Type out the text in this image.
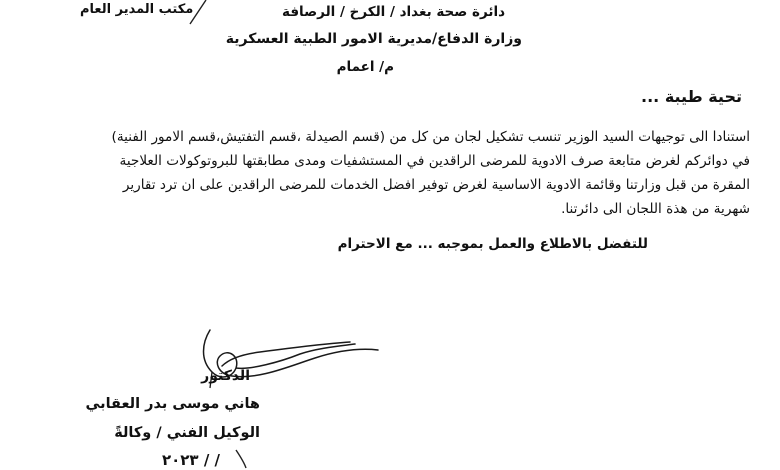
مكتب المدير العام	دائرة صحة بغداد / الكرخ / الرصافة
وزارة الدفاع/مديرية الامور الطبية العسكرية
م/ اعمام
تحية طيبة ...
استنادا الى توجيهات السيد الوزير تنسب تشكيل لجان من كل من (قسم الصيدلة ،قسم التفتيش،قسم الامور الفنية)
في دوائركم لغرض متابعة صرف الادوية للمرضى الراقدين في المستشفيات ومدى مطابقتها للبروتوكولات العلاجية
المقرة من قبل وزارتنا وقائمة الادوية الاساسية لغرض توفير افضل الخدمات للمرضى الراقدين على ان ترد تقارير
شهرية من هذة اللجان الى دائرتنا.
للتفضل بالاطلاع والعمل بموجبه ... مع الاحترام
الدكتور
هاني موسى بدر العقابي
الوكيل الفني / وكالةً
٢٠٢٣ / /
